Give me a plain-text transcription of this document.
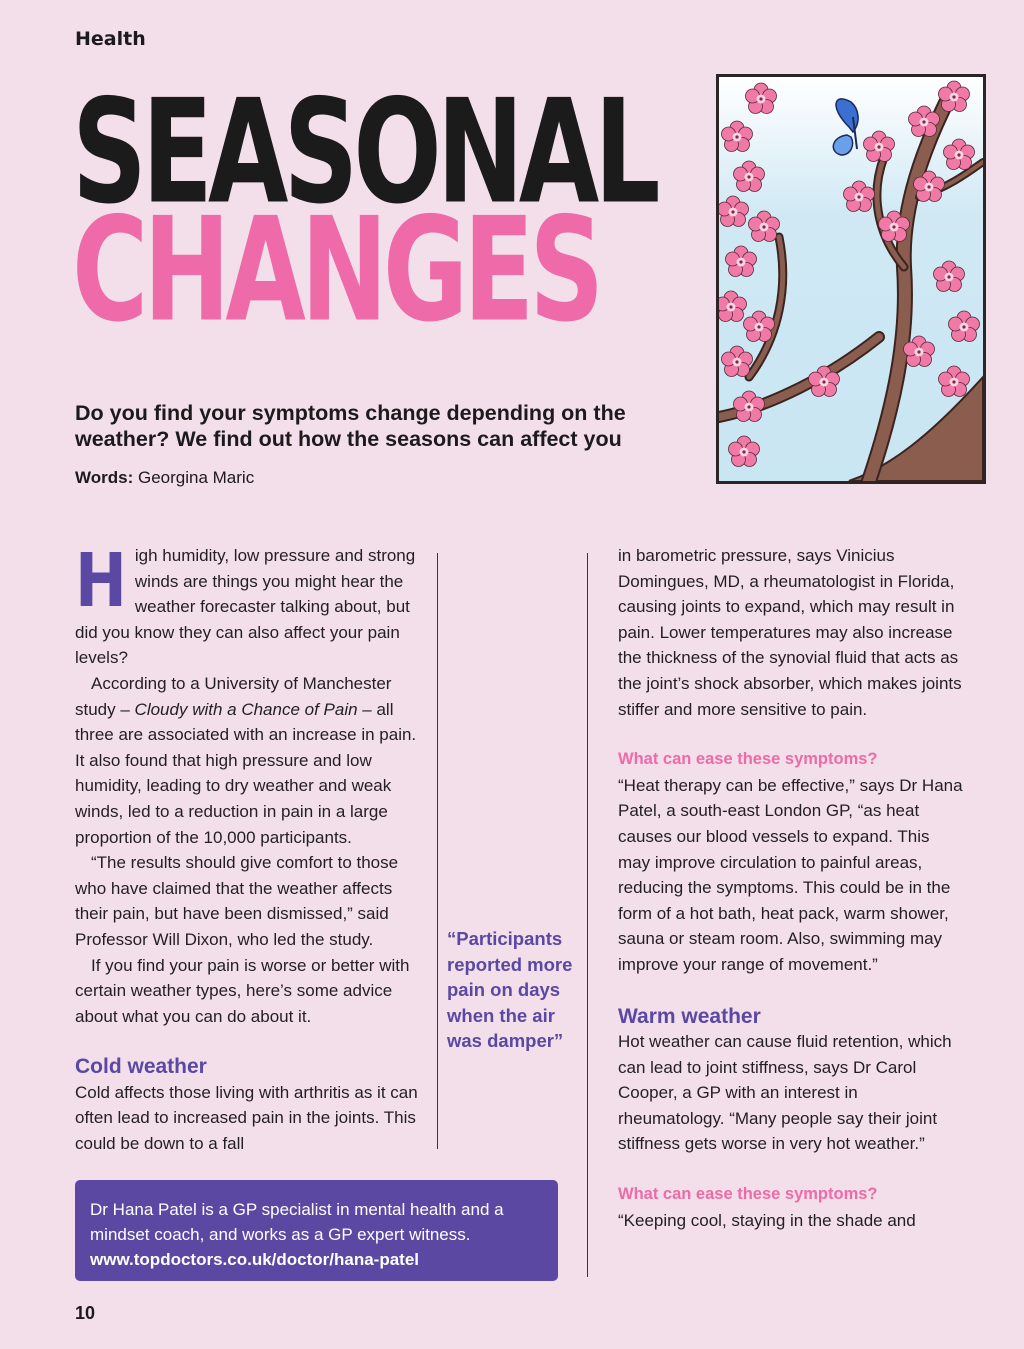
Health
SEASONAL
CHANGES
Do you find your symptoms change depending on the weather? We find out how the seasons can affect you
Words: Georgina Maric

High humidity, low pressure and strong winds are things you might hear the weather forecaster talking about, but did you know they can also affect your pain levels?

According to a University of Manchester study – Cloudy with a Chance of Pain – all three are associated with an increase in pain. It also found that high pressure and low humidity, leading to dry weather and weak winds, led to a reduction in pain in a large proportion of the 10,000 participants.

“The results should give comfort to those who have claimed that the weather affects their pain, but have been dismissed,” said Professor Will Dixon, who led the study.

If you find your pain is worse or better with certain weather types, here’s some advice about what you can do about it.

Cold weather

Cold affects those living with arthritis as it can often lead to increased pain in the joints. This could be down to a fall

“Participants reported more pain on days when the air was damper”

in barometric pressure, says Vinicius Domingues, MD, a rheumatologist in Florida, causing joints to expand, which may result in pain. Lower temperatures may also increase the thickness of the synovial fluid that acts as the joint’s shock absorber, which makes joints stiffer and more sensitive to pain.

What can ease these symptoms?

“Heat therapy can be effective,” says Dr Hana Patel, a south-east London GP, “as heat causes our blood vessels to expand. This may improve circulation to painful areas, reducing the symptoms. This could be in the form of a hot bath, heat pack, warm shower, sauna or steam room. Also, swimming may improve your range of movement.”

Warm weather

Hot weather can cause fluid retention, which can lead to joint stiffness, says Dr Carol Cooper, a GP with an interest in rheumatology. “Many people say their joint stiffness gets worse in very hot weather.”

What can ease these symptoms?

“Keeping cool, staying in the shade and

Dr Hana Patel is a GP specialist in mental health and a mindset coach, and works as a GP expert witness.
www.topdoctors.co.uk/doctor/hana-patel
10
